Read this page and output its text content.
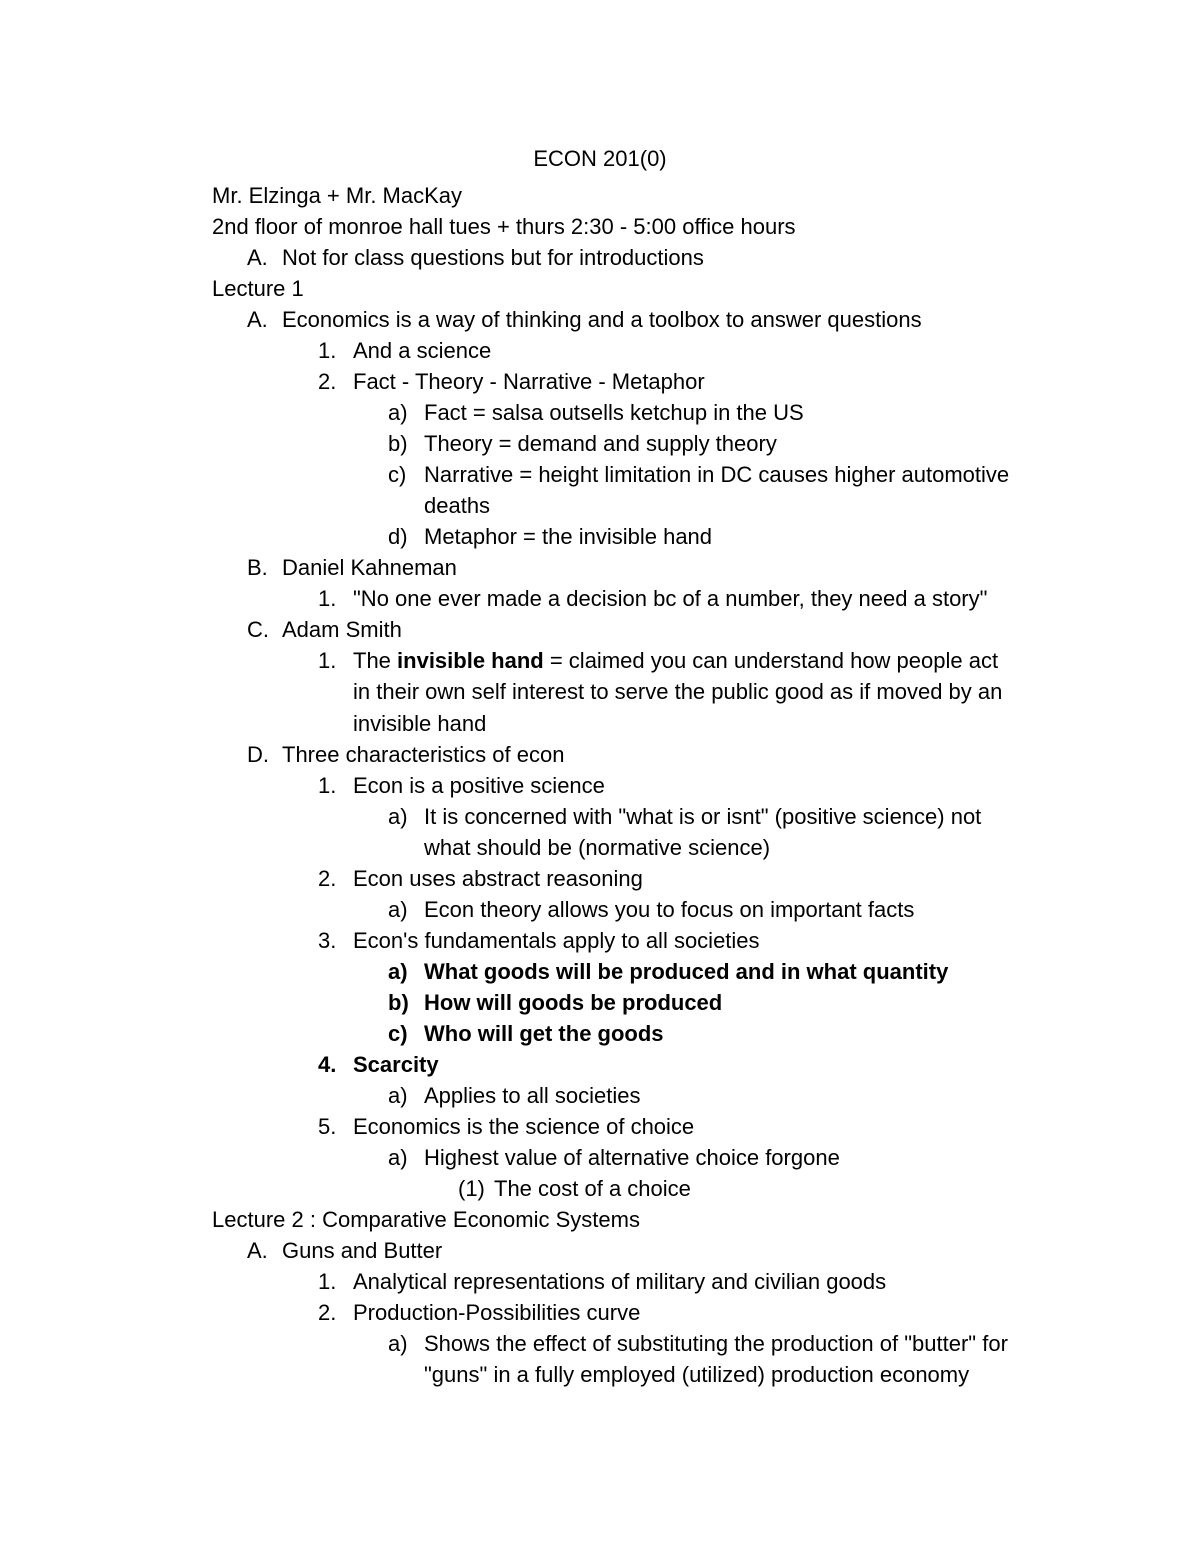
ECON 201(0)
Mr. Elzinga + Mr. MacKay
2nd floor of monroe hall tues + thurs 2:30 - 5:00 office hours
A. Not for class questions but for introductions
Lecture 1
A. Economics is a way of thinking and a toolbox to answer questions
1. And a science
2. Fact - Theory - Narrative - Metaphor
a) Fact = salsa outsells ketchup in the US
b) Theory = demand and supply theory
c) Narrative = height limitation in DC causes higher automotive
deaths
d) Metaphor = the invisible hand
B. Daniel Kahneman
1. "No one ever made a decision bc of a number, they need a story"
C. Adam Smith
1. The invisible hand = claimed you can understand how people act
in their own self interest to serve the public good as if moved by an
invisible hand
D. Three characteristics of econ
1. Econ is a positive science
a) It is concerned with "what is or isnt" (positive science) not
what should be (normative science)
2. Econ uses abstract reasoning
a) Econ theory allows you to focus on important facts
3. Econ's fundamentals apply to all societies
a) What goods will be produced and in what quantity
b) How will goods be produced
c) Who will get the goods
4. Scarcity
a) Applies to all societies
5. Economics is the science of choice
a) Highest value of alternative choice forgone
(1) The cost of a choice
Lecture 2 : Comparative Economic Systems
A. Guns and Butter
1. Analytical representations of military and civilian goods
2. Production-Possibilities curve
a) Shows the effect of substituting the production of "butter" for
"guns" in a fully employed (utilized) production economy
